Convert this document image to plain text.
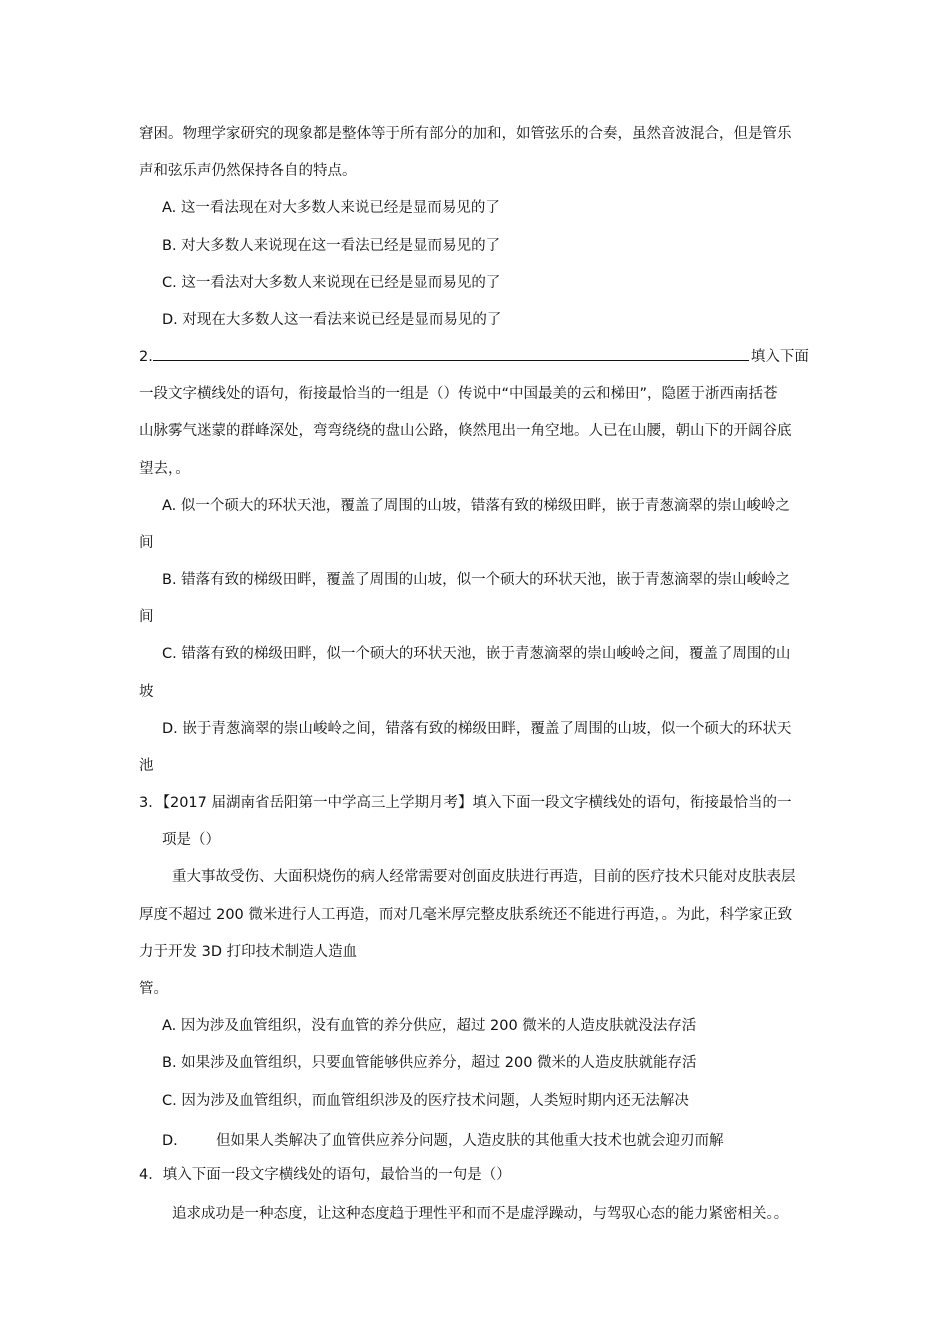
窘困。物理学家研究的现象都是整体等于所有部分的加和，如管弦乐的合奏，虽然音波混合，但是管乐
声和弦乐声仍然保持各自的特点。
A. 这一看法现在对大多数人来说已经是显而易见的了
B. 对大多数人来说现在这一看法已经是显而易见的了
C. 这一看法对大多数人来说现在已经是显而易见的了
D. 对现在大多数人这一看法来说已经是显而易见的了
2.	填入下面
一段文字横线处的语句，衔接最恰当的一组是（）传说中“中国最美的云和梯田”，隐匿于浙西南括苍
山脉雾气迷蒙的群峰深处，弯弯绕绕的盘山公路，倏然甩出一角空地。人已在山腰，朝山下的开阔谷底
望去，。
A. 似一个硕大的环状天池，覆盖了周围的山坡，错落有致的梯级田畔，嵌于青葱滴翠的崇山峻岭之
间
B. 错落有致的梯级田畔，覆盖了周围的山坡，似一个硕大的环状天池，嵌于青葱滴翠的崇山峻岭之
间
C. 错落有致的梯级田畔，似一个硕大的环状天池，嵌于青葱滴翠的崇山峻岭之间，覆盖了周围的山
坡
D. 嵌于青葱滴翠的崇山峻岭之间，错落有致的梯级田畔，覆盖了周围的山坡，似一个硕大的环状天
池
3．【2017 届湖南省岳阳第一中学高三上学期月考】填入下面一段文字横线处的语句，衔接最恰当的一
项是（）
重大事故受伤、大面积烧伤的病人经常需要对创面皮肤进行再造，目前的医疗技术只能对皮肤表层
厚度不超过 200 微米进行人工再造，而对几毫米厚完整皮肤系统还不能进行再造，。为此，科学家正致
力于开发 3D 打印技术制造人造血
管。
A. 因为涉及血管组织，没有血管的养分供应，超过 200 微米的人造皮肤就没法存活
B. 如果涉及血管组织，只要血管能够供应养分，超过 200 微米的人造皮肤就能存活
C. 因为涉及血管组织，而血管组织涉及的医疗技术问题，人类短时期内还无法解决
D.	但如果人类解决了血管供应养分问题，人造皮肤的其他重大技术也就会迎刃而解
4．填入下面一段文字横线处的语句，最恰当的一句是（）
追求成功是一种态度，让这种态度趋于理性平和而不是虚浮躁动，与驾驭心态的能力紧密相关。。
